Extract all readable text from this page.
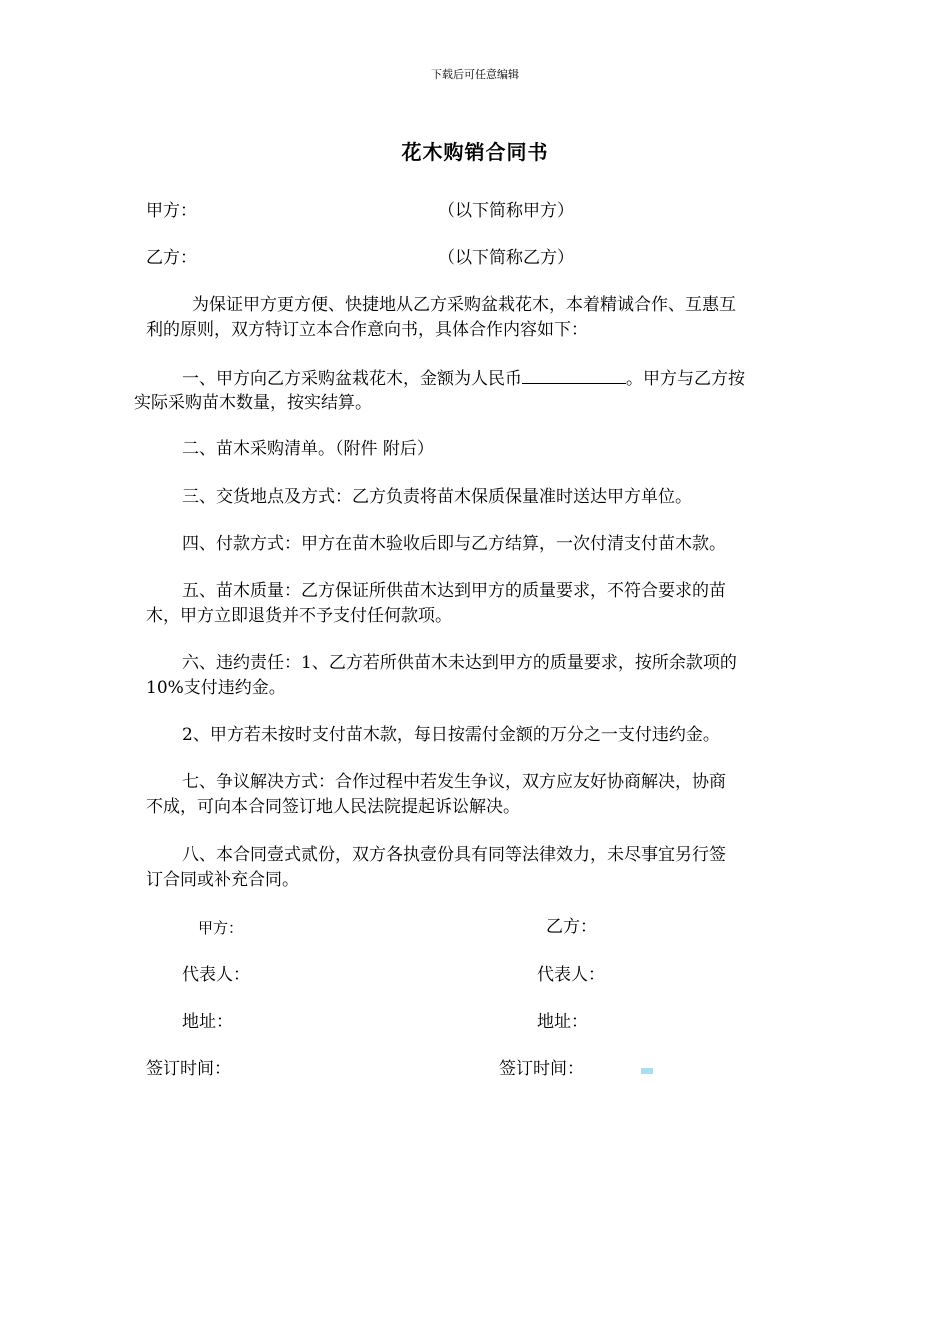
下载后可任意编辑
花木购销合同书
甲方：	（以下简称甲方）
乙方：	（以下简称乙方）
为保证甲方更方便、快捷地从乙方采购盆栽花木，本着精诚合作、互惠互
利的原则，双方特订立本合作意向书，具体合作内容如下：
一、甲方向乙方采购盆栽花木，金额为人民币	。甲方与乙方按
实际采购苗木数量，按实结算。
二、苗木采购清单。（附件 附后）
三、交货地点及方式：乙方负责将苗木保质保量准时送达甲方单位。
四、付款方式：甲方在苗木验收后即与乙方结算，一次付清支付苗木款。
五、苗木质量：乙方保证所供苗木达到甲方的质量要求，不符合要求的苗
木，甲方立即退货并不予支付任何款项。
六、违约责任：1、乙方若所供苗木未达到甲方的质量要求，按所余款项的
10%支付违约金。
2、甲方若未按时支付苗木款，每日按需付金额的万分之一支付违约金。
七、争议解决方式：合作过程中若发生争议，双方应友好协商解决，协商
不成，可向本合同签订地人民法院提起诉讼解决。
八、本合同壹式贰份，双方各执壹份具有同等法律效力，未尽事宜另行签
订合同或补充合同。
甲方：	乙方：
代表人：	代表人：
地址：	地址：
签订时间：	签订时间：
